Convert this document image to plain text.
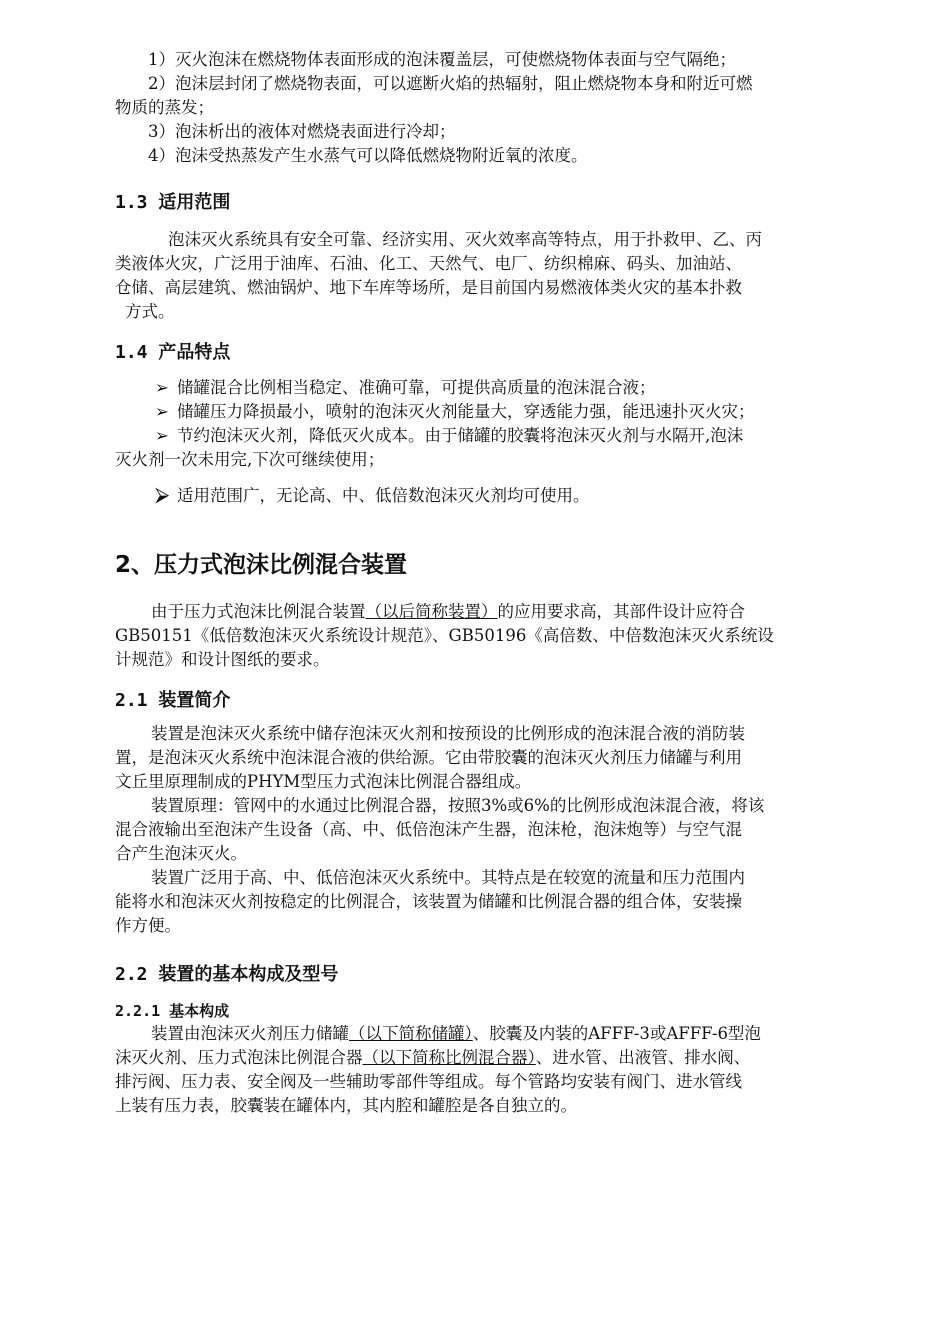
1）灭火泡沫在燃烧物体表面形成的泡沫覆盖层，可使燃烧物体表面与空气隔绝；
2）泡沫层封闭了燃烧物表面，可以遮断火焰的热辐射，阻止燃烧物本身和附近可燃
物质的蒸发；
3）泡沫析出的液体对燃烧表面进行冷却；
4）泡沫受热蒸发产生水蒸气可以降低燃烧物附近氧的浓度。
1.3 适用范围
泡沫灭火系统具有安全可靠、经济实用、灭火效率高等特点，用于扑救甲、乙、丙
类液体火灾，广泛用于油库、石油、化工、天然气、电厂、纺织棉麻、码头、加油站、
仓储、高层建筑、燃油锅炉、地下车库等场所，是目前国内易燃液体类火灾的基本扑救
方式。
1.4 产品特点
➢ 储罐混合比例相当稳定、准确可靠，可提供高质量的泡沫混合液；
➢ 储罐压力降损最小，喷射的泡沫灭火剂能量大，穿透能力强，能迅速扑灭火灾；
➢ 节约泡沫灭火剂，降低灭火成本。由于储罐的胶囊将泡沫灭火剂与水隔开,泡沫
灭火剂一次未用完,下次可继续使用；
⮚ 适用范围广，无论高、中、低倍数泡沫灭火剂均可使用。
2、压力式泡沫比例混合装置
由于压力式泡沫比例混合装置（以后简称装置）的应用要求高，其部件设计应符合
GB50151《低倍数泡沫灭火系统设计规范》、GB50196《高倍数、中倍数泡沫灭火系统设
计规范》和设计图纸的要求。
2.1 装置简介
装置是泡沫灭火系统中储存泡沫灭火剂和按预设的比例形成的泡沫混合液的消防装
置，是泡沫灭火系统中泡沫混合液的供给源。它由带胶囊的泡沫灭火剂压力储罐与利用
文丘里原理制成的PHYM型压力式泡沫比例混合器组成。
装置原理：管网中的水通过比例混合器，按照3%或6%的比例形成泡沫混合液，将该
混合液输出至泡沫产生设备（高、中、低倍泡沫产生器，泡沫枪，泡沫炮等）与空气混
合产生泡沫灭火。
装置广泛用于高、中、低倍泡沫灭火系统中。其特点是在较宽的流量和压力范围内
能将水和泡沫灭火剂按稳定的比例混合，该装置为储罐和比例混合器的组合体，安装操
作方便。
2.2 装置的基本构成及型号
2.2.1 基本构成
装置由泡沫灭火剂压力储罐（以下简称储罐）、胶囊及内装的AFFF-3或AFFF-6型泡
沫灭火剂、压力式泡沫比例混合器（以下简称比例混合器）、进水管、出液管、排水阀、
排污阀、压力表、安全阀及一些辅助零部件等组成。每个管路均安装有阀门、进水管线
上装有压力表，胶囊装在罐体内，其内腔和罐腔是各自独立的。
